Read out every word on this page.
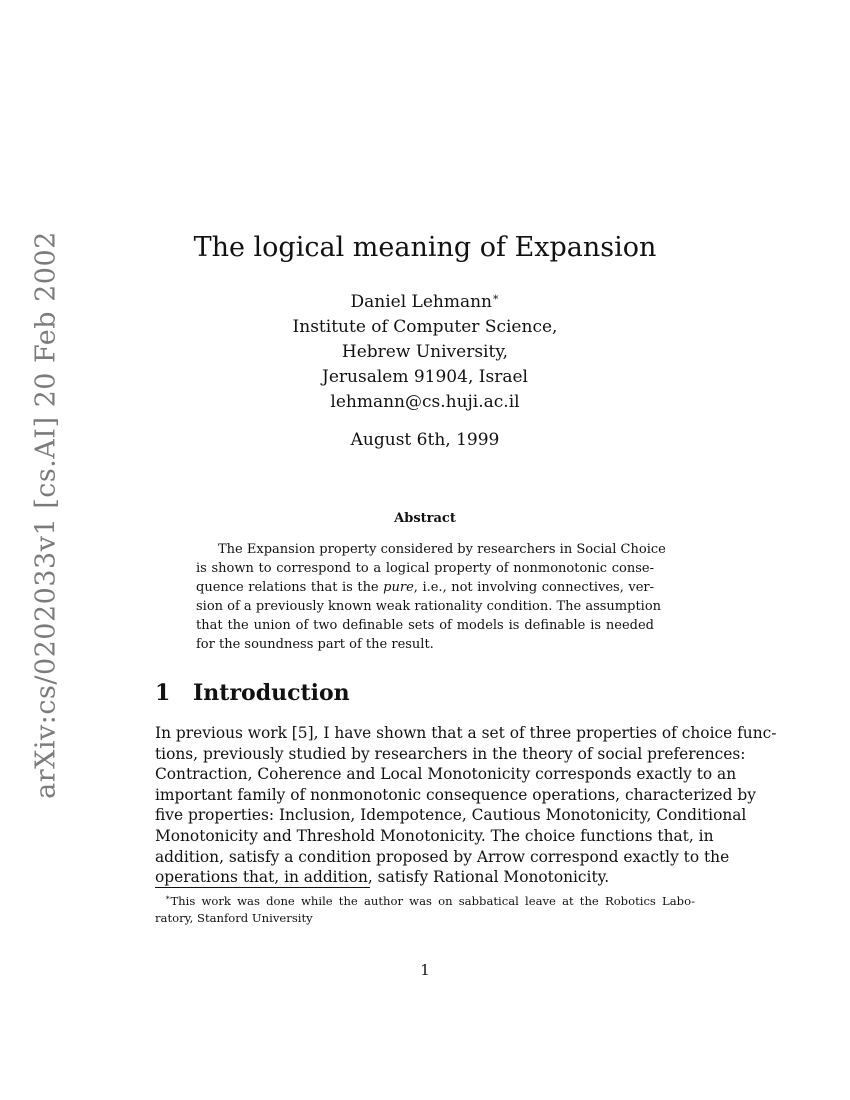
arXiv:cs/0202033v1 [cs.AI] 20 Feb 2002	The logical meaning of Expansion
Daniel Lehmann∗
Institute of Computer Science,
Hebrew University,
Jerusalem 91904, Israel
lehmann@cs.huji.ac.il
August 6th, 1999
Abstract
The Expansion property considered by researchers in Social Choice
is shown to correspond to a logical property of nonmonotonic conse-
quence relations that is the pure, i.e., not involving connectives, ver-
sion of a previously known weak rationality condition. The assumption
that the union of two definable sets of models is definable is needed
for the soundness part of the result.
1 Introduction
In previous work [5], I have shown that a set of three properties of choice func-
tions, previously studied by researchers in the theory of social preferences:
Contraction, Coherence and Local Monotonicity corresponds exactly to an
important family of nonmonotonic consequence operations, characterized by
five properties: Inclusion, Idempotence, Cautious Monotonicity, Conditional
Monotonicity and Threshold Monotonicity. The choice functions that, in
addition, satisfy a condition proposed by Arrow correspond exactly to the
operations that, in addition, satisfy Rational Monotonicity.
∗This work was done while the author was on sabbatical leave at the Robotics Labo-
ratory, Stanford University
1
